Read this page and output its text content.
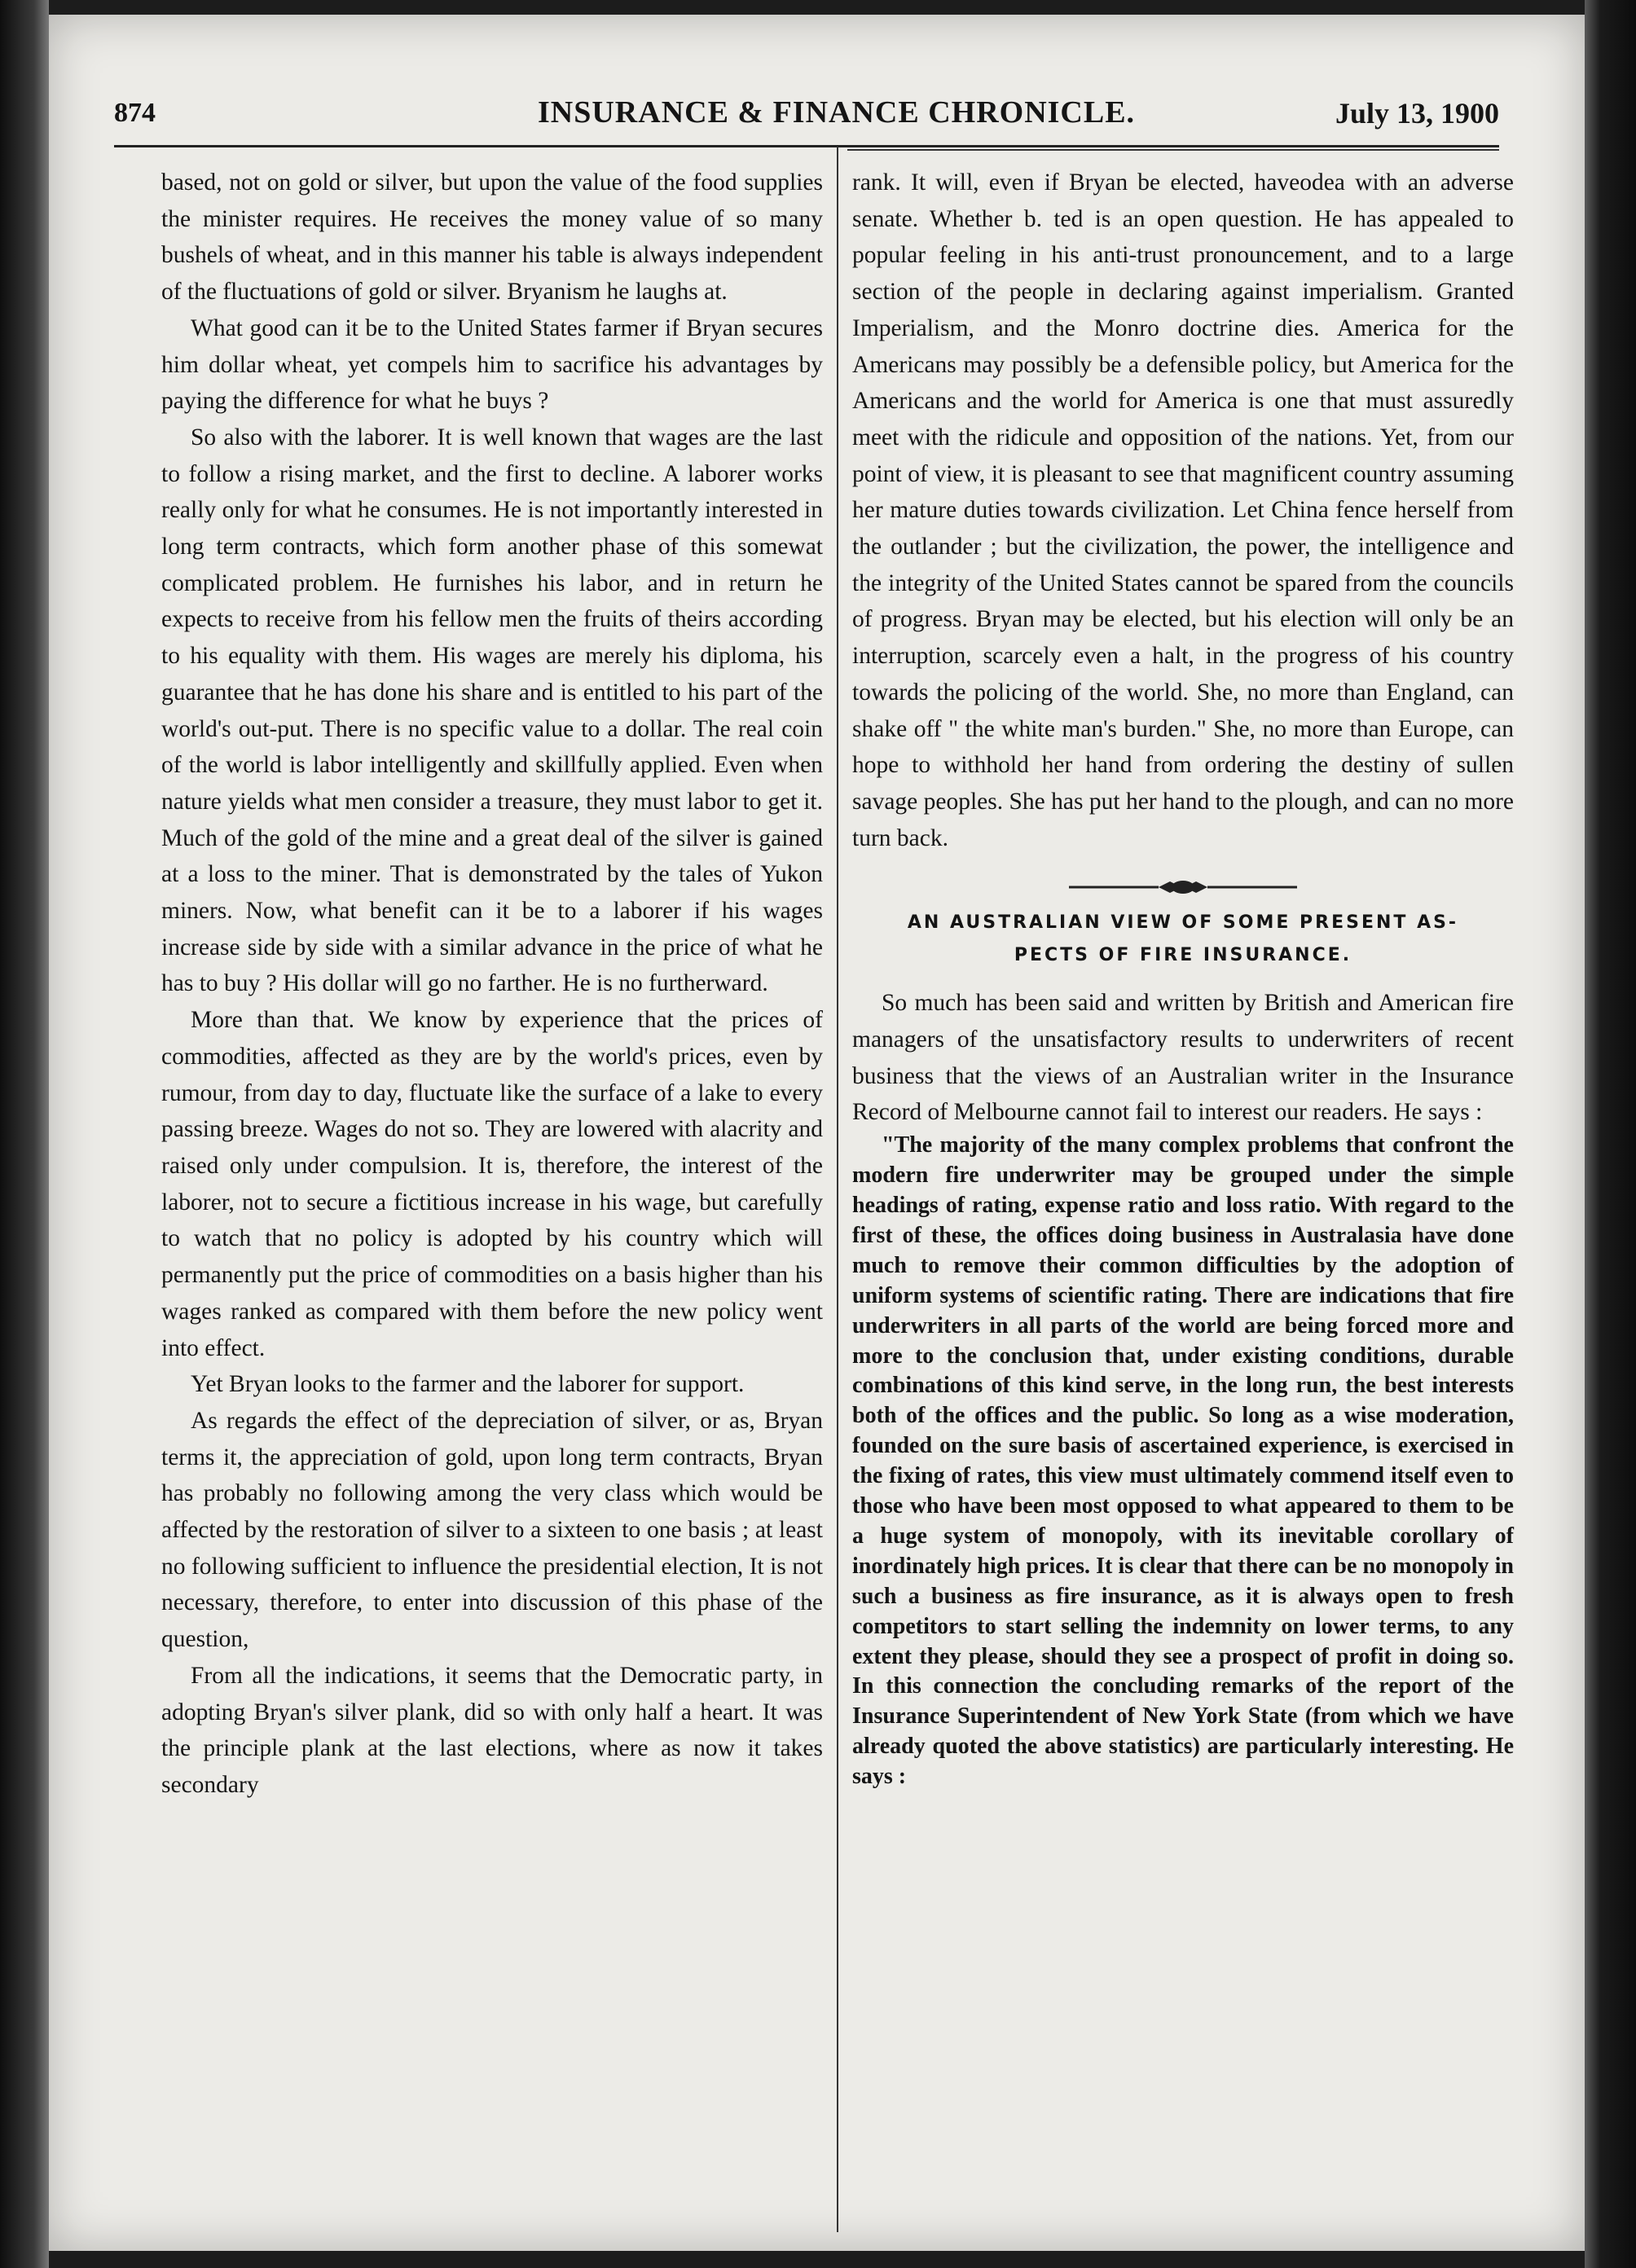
874	INSURANCE & FINANCE CHRONICLE.	July 13, 1900

based, not on gold or silver, but upon the value of the food supplies the minister requires. He receives the money value of so many bushels of wheat, and in this manner his table is always independent of the fluctuations of gold or silver. Bryanism he laughs at.

What good can it be to the United States farmer if Bryan secures him dollar wheat, yet compels him to sacrifice his advantages by paying the difference for what he buys ?

So also with the laborer. It is well known that wages are the last to follow a rising market, and the first to decline. A laborer works really only for what he consumes. He is not importantly interested in long term contracts, which form another phase of this somewat complicated problem. He furnishes his labor, and in return he expects to receive from his fellow men the fruits of theirs according to his equality with them. His wages are merely his diploma, his guarantee that he has done his share and is entitled to his part of the world's out-put. There is no specific value to a dollar. The real coin of the world is labor intelligently and skillfully applied. Even when nature yields what men consider a treasure, they must labor to get it. Much of the gold of the mine and a great deal of the silver is gained at a loss to the miner. That is demonstrated by the tales of Yukon miners. Now, what benefit can it be to a laborer if his wages increase side by side with a similar advance in the price of what he has to buy ? His dollar will go no farther. He is no furtherward.

More than that. We know by experience that the prices of commodities, affected as they are by the world's prices, even by rumour, from day to day, fluctuate like the surface of a lake to every passing breeze. Wages do not so. They are lowered with alacrity and raised only under compulsion. It is, therefore, the interest of the laborer, not to secure a fictitious increase in his wage, but carefully to watch that no policy is adopted by his country which will permanently put the price of commodities on a basis higher than his wages ranked as compared with them before the new policy went into effect.

Yet Bryan looks to the farmer and the laborer for support.

As regards the effect of the depreciation of silver, or as, Bryan terms it, the appreciation of gold, upon long term contracts, Bryan has probably no following among the very class which would be affected by the restoration of silver to a sixteen to one basis ; at least no following sufficient to influence the presidential election, It is not necessary, therefore, to enter into discussion of this phase of the question,

From all the indications, it seems that the Democratic party, in adopting Bryan's silver plank, did so with only half a heart. It was the principle plank at the last elections, where as now it takes secondary

rank. It will, even if Bryan be elected, haveodea with an adverse senate. Whether b. ted is an open question. He has appealed to popular feeling in his anti-trust pronouncement, and to a large section of the people in declaring against imperialism. Granted Imperialism, and the Monro doctrine dies. America for the Americans may possibly be a defensible policy, but America for the Americans and the world for America is one that must assuredly meet with the ridicule and opposition of the nations. Yet, from our point of view, it is pleasant to see that magnificent country assuming her mature duties towards civilization. Let China fence herself from the outlander ; but the civilization, the power, the intelligence and the integrity of the United States cannot be spared from the councils of progress. Bryan may be elected, but his election will only be an interruption, scarcely even a halt, in the progress of his country towards the policing of the world. She, no more than England, can shake off " the white man's burden." She, no more than Europe, can hope to withhold her hand from ordering the destiny of sullen savage peoples. She has put her hand to the plough, and can no more turn back.

AN AUSTRALIAN VIEW OF SOME PRESENT AS-
PECTS OF FIRE INSURANCE.

So much has been said and written by British and American fire managers of the unsatisfactory results to underwriters of recent business that the views of an Australian writer in the Insurance Record of Melbourne cannot fail to interest our readers. He says :

"The majority of the many complex problems that confront the modern fire underwriter may be grouped under the simple headings of rating, expense ratio and loss ratio. With regard to the first of these, the offices doing business in Australasia have done much to remove their common difficulties by the adoption of uniform systems of scientific rating. There are indications that fire underwriters in all parts of the world are being forced more and more to the conclusion that, under existing conditions, durable combinations of this kind serve, in the long run, the best interests both of the offices and the public. So long as a wise moderation, founded on the sure basis of ascertained experience, is exercised in the fixing of rates, this view must ultimately commend itself even to those who have been most opposed to what appeared to them to be a huge system of monopoly, with its inevitable corollary of inordinately high prices. It is clear that there can be no monopoly in such a business as fire insurance, as it is always open to fresh competitors to start selling the indemnity on lower terms, to any extent they please, should they see a prospect of profit in doing so. In this connection the concluding remarks of the report of the Insurance Superintendent of New York State (from which we have already quoted the above statistics) are particularly interesting. He says :
